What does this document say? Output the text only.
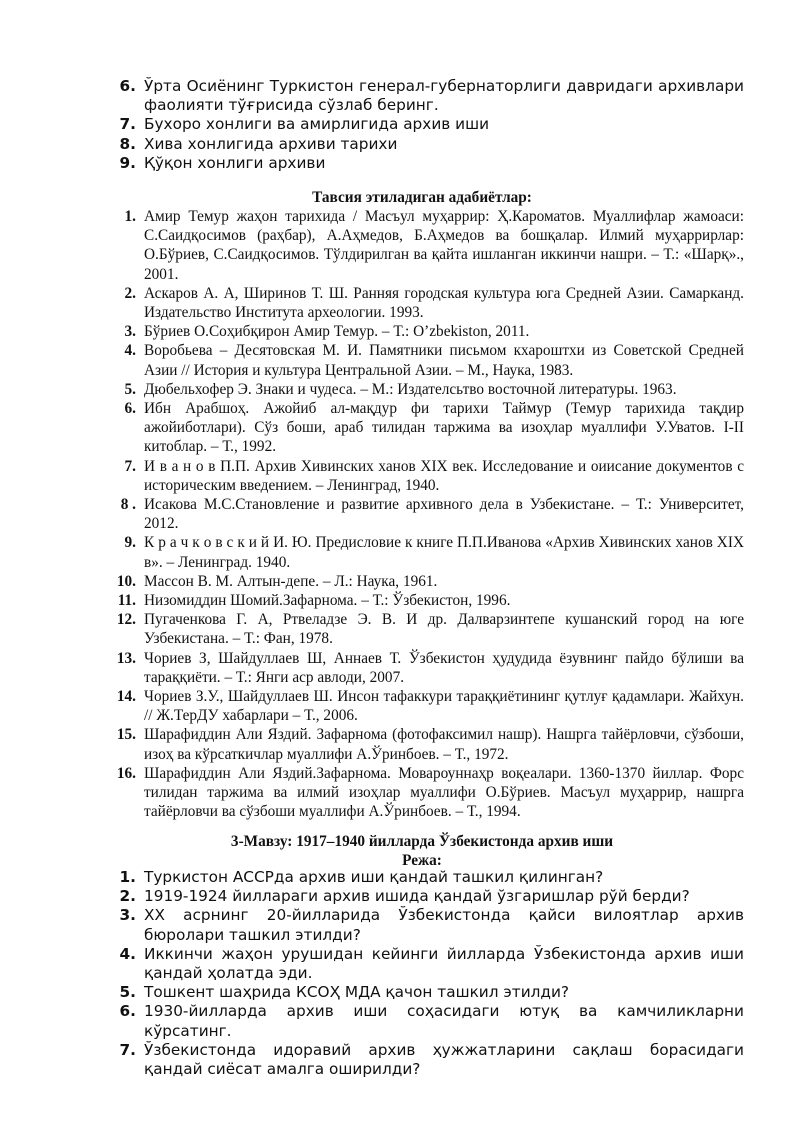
6. Ўрта Осиёнинг Туркистон генерал-губернаторлиги давридаги архивлари фаолияти тўғрисида сўзлаб беринг.
7. Бухоро хонлиги ва амирлигида архив иши
8. Хива хонлигида архиви тарихи
9. Қўқон хонлиги архиви
Тавсия этиладиган адабиётлар:
1. Амир Темур жаҳон тарихида / Масъул муҳаррир: Ҳ.Кароматов. Муаллифлар жамоаси: С.Саидқосимов (раҳбар), А.Аҳмедов, Б.Аҳмедов ва бошқалар. Илмий муҳаррирлар: О.Бўриев, С.Саидқосимов. Тўлдирилган ва қайта ишланган иккинчи нашри. – Т.: «Шарқ»., 2001.
2. Аскаров А. А, Ширинов Т. Ш. Ранняя городская культура юга Средней Азии. Самарканд. Издательство Института археологии. 1993.
3. Бўриев О.Соҳибқирон Амир Темур. – Т.: O’zbekiston, 2011.
4. Воробьева – Десятовская М. И. Памятники письмом кхароштхи из Советской Средней Азии // История и культура Центральной Азии. – М., Наука, 1983.
5. Дюбельхофер Э. Знаки и чудеса. – М.: Издателсьтво восточной литературы. 1963.
6. Ибн Арабшоҳ. Ажойиб ал-мақдур фи тарихи Таймур (Темур тарихида тақдир ажойиботлари). Сўз боши, араб тилидан таржима ва изоҳлар муаллифи У.Уватов. I-II китоблар. – Т., 1992.
7. И в а н о в П.П. Архив Хивинских ханов XIX век. Исследование и оиисание документов с историческим введением. – Ленинград, 1940.
8 . Исакова М.С.Становление и развитие архивного дела в Узбекистане. – Т.: Университет, 2012.
9. К р а ч к о в с к и й И. Ю. Предисловие к книге П.П.Иванова «Архив Хивинских ханов XIX в». – Ленинград. 1940.
10. Массон В. М. Алтын-депе. – Л.: Наука, 1961.
11. Низомиддин Шомий.Зафарнома. – Т.: Ўзбекистон, 1996.
12. Пугаченкова Г. А, Ртвеладзе Э. В. И др. Далварзинтепе кушанский город на юге Узбекистана. – Т.: Фан, 1978.
13. Чориев З, Шайдуллаев Ш, Аннаев Т. Ўзбекистон ҳудудида ёзувнинг пайдо бўлиши ва тараққиёти. – Т.: Янги аср авлоди, 2007.
14. Чориев З.У., Шайдуллаев Ш. Инсон тафаккури тараққиётининг қутлуғ қадамлари. Жайхун. // Ж.ТерДУ хабарлари – Т., 2006.
15. Шарафиддин Али Яздий. Зафарнома (фотофаксимил нашр). Нашрга тайёрловчи, сўзбоши, изоҳ ва кўрсаткичлар муаллифи А.Ўринбоев. – Т., 1972.
16. Шарафиддин Али Яздий.Зафарнома. Мовароуннаҳр воқеалари. 1360-1370 йиллар. Форс тилидан таржима ва илмий изоҳлар муаллифи О.Бўриев. Масъул муҳаррир, нашрга тайёрловчи ва сўзбоши муаллифи А.Ўринбоев. – Т., 1994.
3-Мавзу: 1917–1940 йилларда Ўзбекистонда архив иши
Режа:
1. Туркистон АССРда архив иши қандай ташкил қилинган?
2. 1919-1924 йиллараги архив ишида қандай ўзгаришлар рўй берди?
3. XX асрнинг 20-йилларида Ўзбекистонда қайси вилоятлар архив бюролари ташкил этилди?
4. Иккинчи жаҳон урушидан кейинги йилларда Ўзбекистонда архив иши қандай ҳолатда эди.
5. Тошкент шаҳрида КСОҲ МДА қачон ташкил этилди?
6. 1930-йилларда архив иши соҳасидаги ютуқ ва камчиликларни кўрсатинг.
7. Ўзбекистонда идоравий архив ҳужжатларини сақлаш борасидаги қандай сиёсат амалга оширилди?
